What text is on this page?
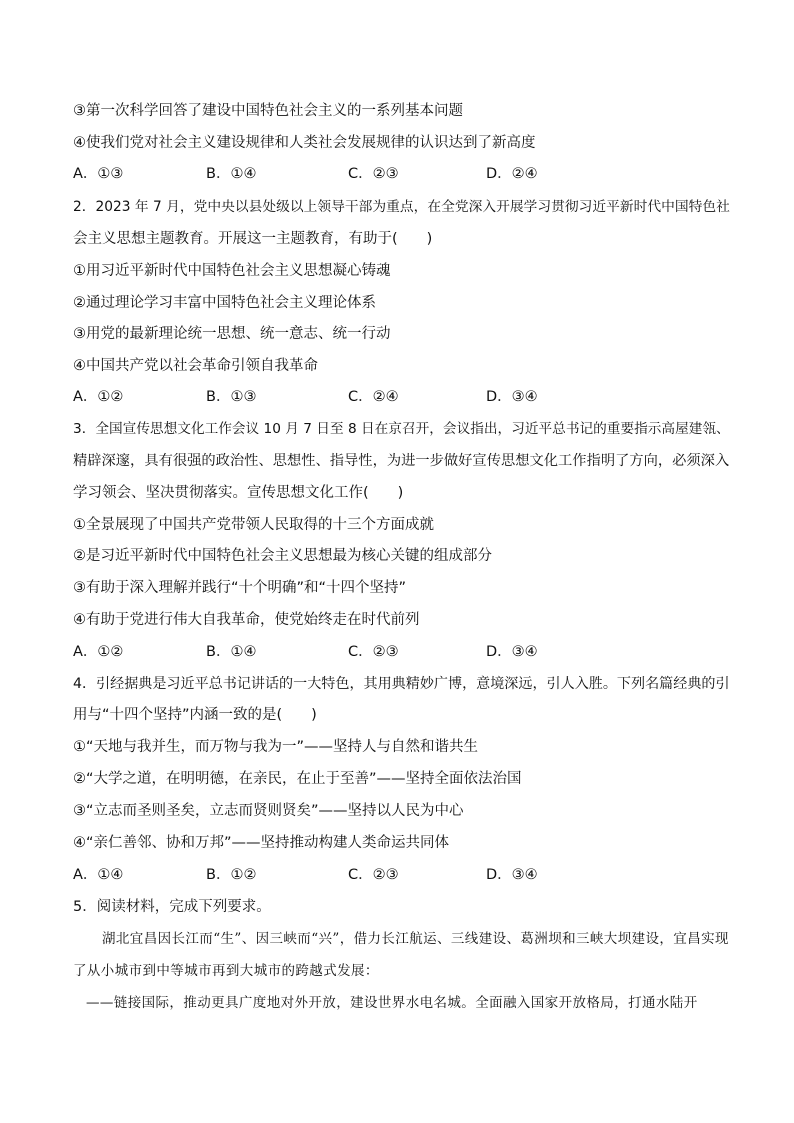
③第一次科学回答了建设中国特色社会主义的一系列基本问题
④使我们党对社会主义建设规律和人类社会发展规律的认识达到了新高度
A．①③	B．①④	C．②③	D．②④
2．2023 年 7 月，党中央以县处级以上领导干部为重点，在全党深入开展学习贯彻习近平新时代中国特色社
会主义思想主题教育。开展这一主题教育，有助于(　　)
①用习近平新时代中国特色社会主义思想凝心铸魂
②通过理论学习丰富中国特色社会主义理论体系
③用党的最新理论统一思想、统一意志、统一行动
④中国共产党以社会革命引领自我革命
A．①②	B．①③	C．②④	D．③④
3．全国宣传思想文化工作会议 10 月 7 日至 8 日在京召开，会议指出，习近平总书记的重要指示高屋建瓴、
精辟深邃，具有很强的政治性、思想性、指导性，为进一步做好宣传思想文化工作指明了方向，必须深入
学习领会、坚决贯彻落实。宣传思想文化工作(　　)
①全景展现了中国共产党带领人民取得的十三个方面成就
②是习近平新时代中国特色社会主义思想最为核心关键的组成部分
③有助于深入理解并践行“十个明确”和“十四个坚持”
④有助于党进行伟大自我革命，使党始终走在时代前列
A．①②	B．①④	C．②③	D．③④
4．引经据典是习近平总书记讲话的一大特色，其用典精妙广博，意境深远，引人入胜。下列名篇经典的引
用与“十四个坚持”内涵一致的是(　　)
①“天地与我并生，而万物与我为一”——坚持人与自然和谐共生
②“大学之道，在明明德，在亲民，在止于至善”——坚持全面依法治国
③“立志而圣则圣矣，立志而贤则贤矣”——坚持以人民为中心
④“亲仁善邻、协和万邦”——坚持推动构建人类命运共同体
A．①④	B．①②	C．②③	D．③④
5．阅读材料，完成下列要求。
湖北宜昌因长江而“生”、因三峡而“兴”，借力长江航运、三线建设、葛洲坝和三峡大坝建设，宜昌实现
了从小城市到中等城市再到大城市的跨越式发展：
——链接国际，推动更具广度地对外开放，建设世界水电名城。全面融入国家开放格局，打通水陆开
